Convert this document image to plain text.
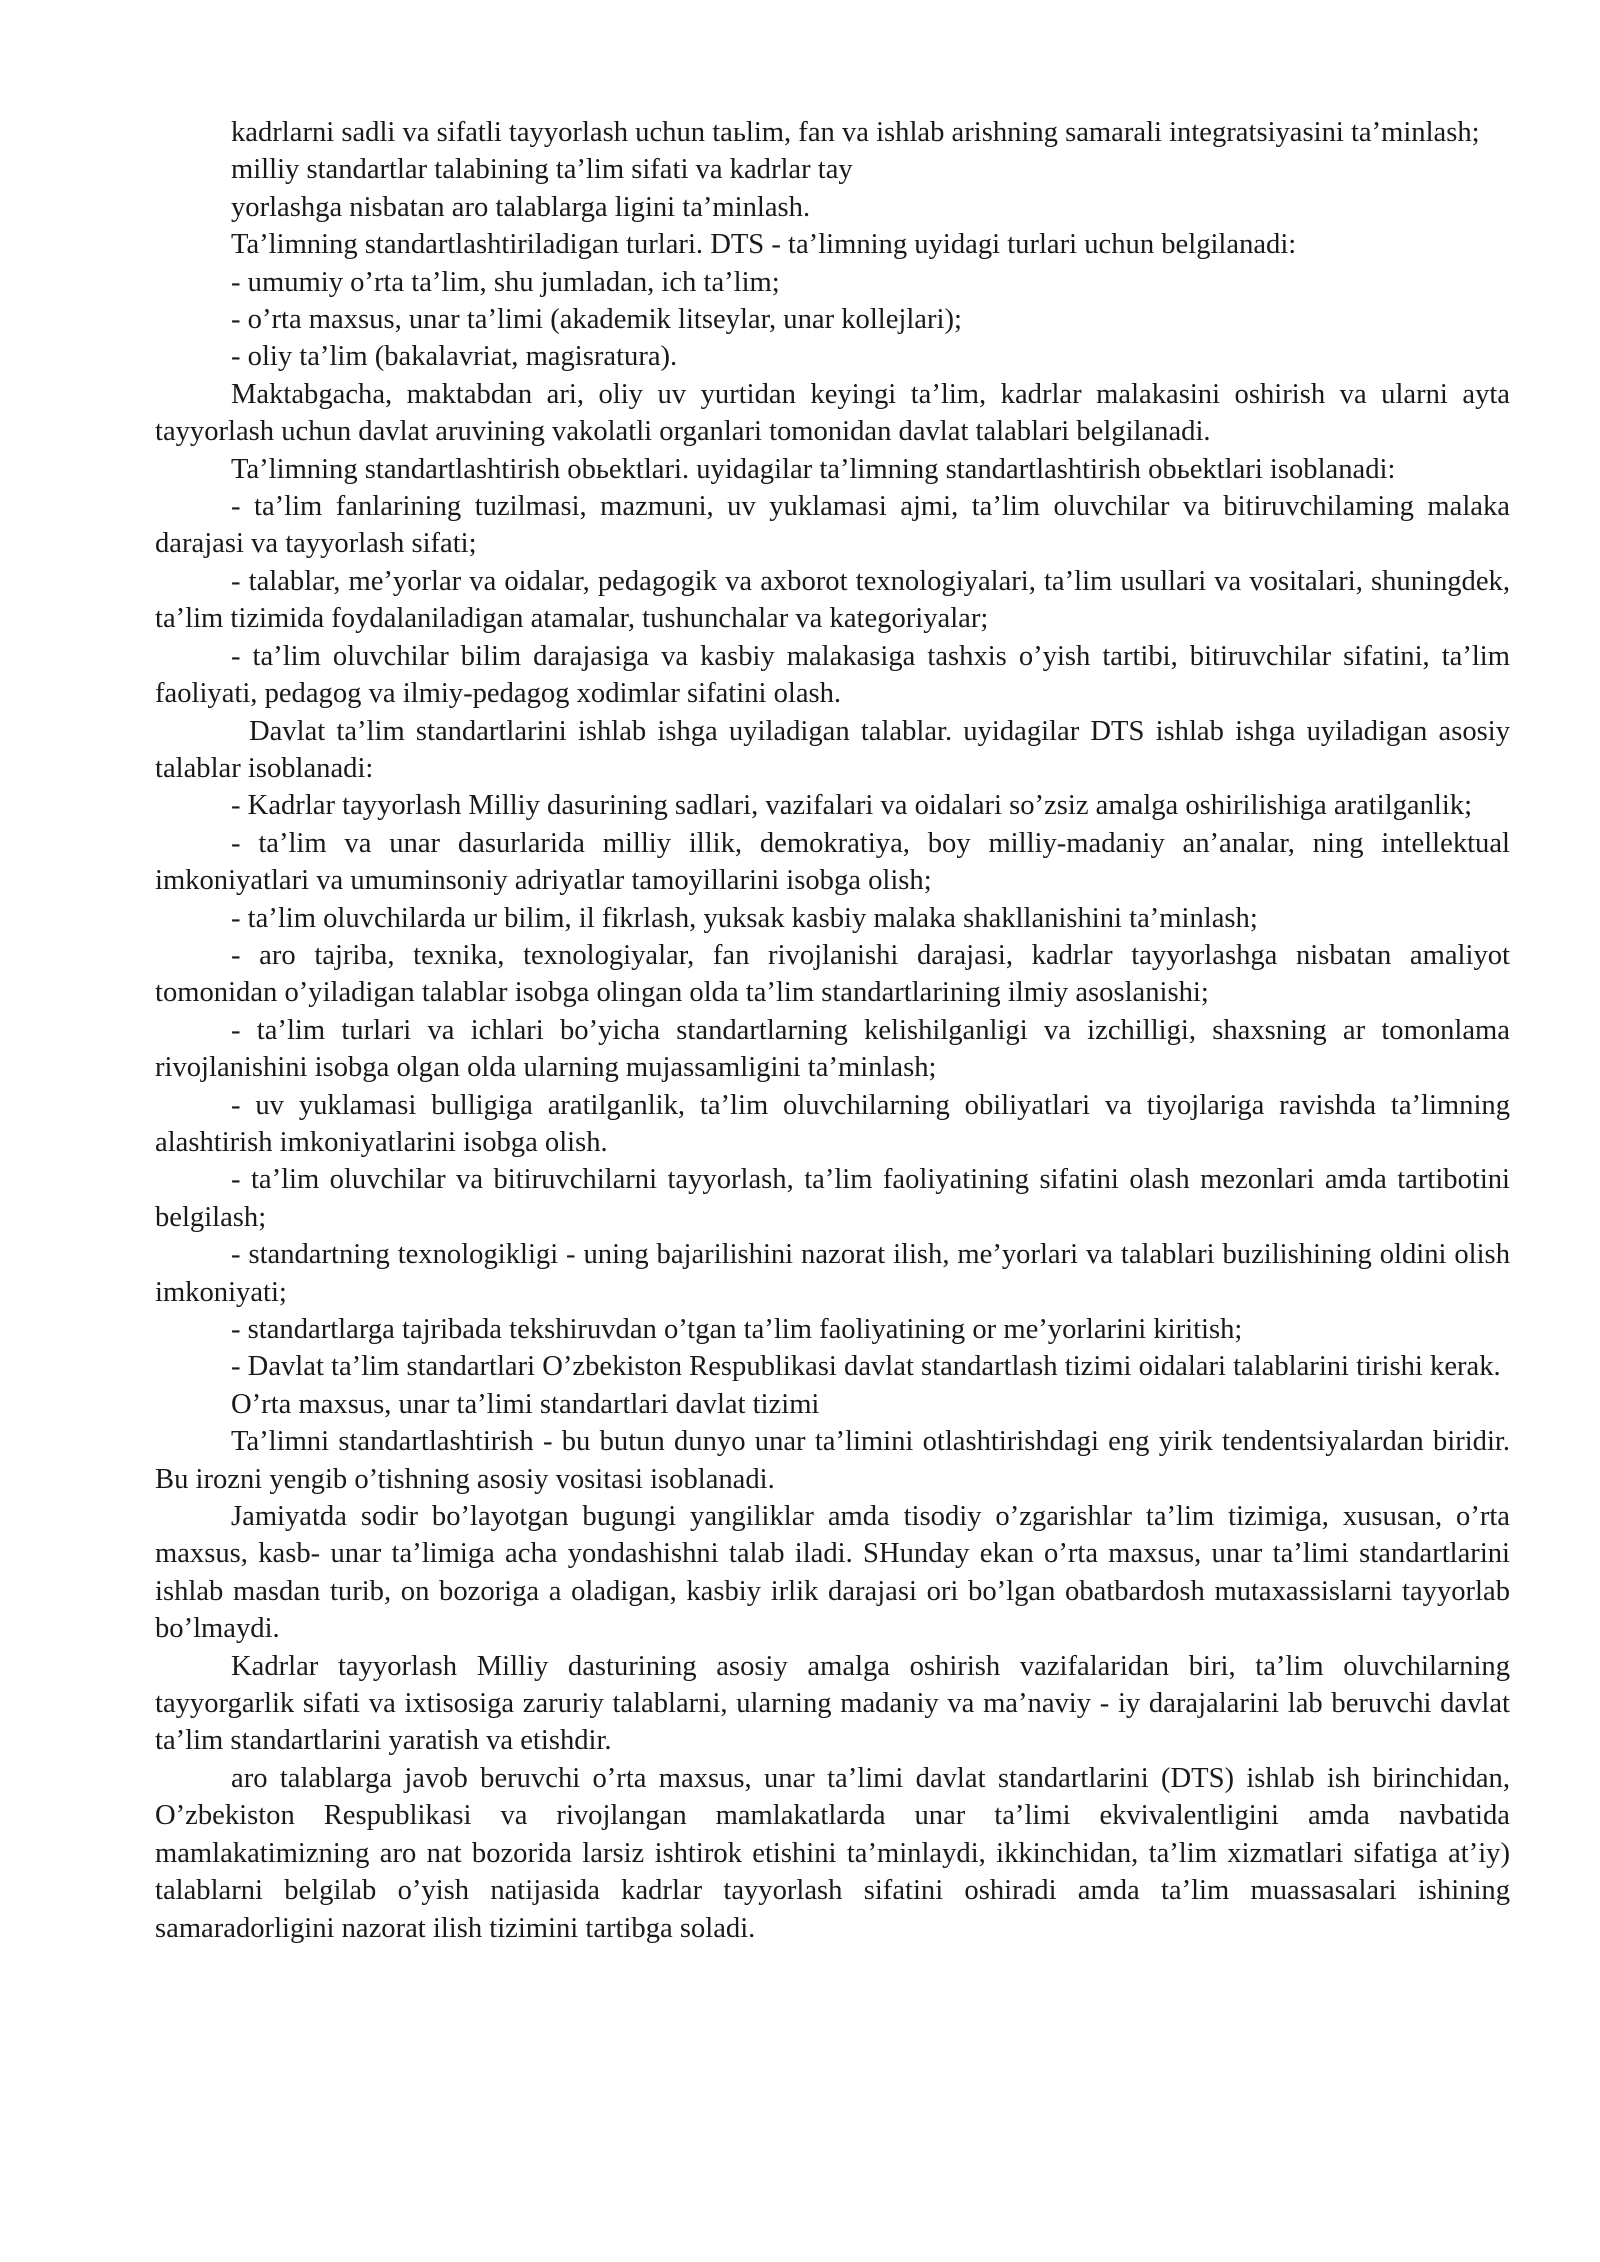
kadrlarni sadli va sifatli tayyorlash uchun taьlim, fan va ishlab arishning samarali integratsiyasini ta’minlash;

milliy standartlar talabining ta’lim sifati va kadrlar tay

yorlashga nisbatan aro talablarga ligini ta’minlash.

Ta’limning standartlashtiriladigan turlari. DTS - ta’limning uyidagi turlari uchun belgilanadi:

- umumiy o’rta ta’lim, shu jumladan, ich ta’lim;

- o’rta maxsus, unar ta’limi (akademik litseylar, unar kollejlari);

- oliy ta’lim (bakalavriat, magisratura).

Maktabgacha, maktabdan ari, oliy uv yurtidan keyingi ta’lim, kadrlar malakasini oshirish va ularni ayta tayyorlash uchun davlat aruvining vakolatli organlari tomonidan davlat talablari belgilanadi.

Ta’limning standartlashtirish obьektlari. uyidagilar ta’limning standartlashtirish obьektlari isoblanadi:

- ta’lim fanlarining tuzilmasi, mazmuni, uv yuklamasi ajmi, ta’lim oluvchilar va bitiruvchilaming malaka darajasi va tayyorlash sifati;

- talablar, me’yorlar va oidalar, pedagogik va axborot texnologiyalari, ta’lim usullari va vositalari, shuningdek, ta’lim tizimida foydalaniladigan atamalar, tushunchalar va kategoriyalar;

- ta’lim oluvchilar bilim darajasiga va kasbiy malakasiga tashxis o’yish tartibi, bitiruvchilar sifatini, ta’lim faoliyati, pedagog va ilmiy-pedagog xodimlar sifatini olash.

Davlat ta’lim standartlarini ishlab ishga uyiladigan talablar. uyidagilar DTS ishlab ishga uyiladigan asosiy talablar isoblanadi:

- Kadrlar tayyorlash Milliy dasurining sadlari, vazifalari va oidalari so’zsiz amalga oshirilishiga aratilganlik;

- ta’lim va unar dasurlarida milliy illik, demokratiya, boy milliy-madaniy an’analar, ning intellektual imkoniyatlari va umuminsoniy adriyatlar tamoyillarini isobga olish;

- ta’lim oluvchilarda ur bilim, il fikrlash, yuksak kasbiy malaka shakllanishini ta’minlash;

- aro tajriba, texnika, texnologiyalar, fan rivojlanishi darajasi, kadrlar tayyorlashga nisbatan amaliyot tomonidan o’yiladigan talablar isobga olingan olda ta’lim standartlarining ilmiy asoslanishi;

- ta’lim turlari va ichlari bo’yicha standartlarning kelishilganligi va izchilligi, shaxsning ar tomonlama rivojlanishini isobga olgan olda ularning mujassamligini ta’minlash;

- uv yuklamasi bulligiga aratilganlik, ta’lim oluvchilarning obiliyatlari va tiyojlariga ravishda ta’limning alashtirish imkoniyatlarini isobga olish.

- ta’lim oluvchilar va bitiruvchilarni tayyorlash, ta’lim faoliyatining sifatini olash mezonlari amda tartibotini belgilash;

- standartning texnologikligi - uning bajarilishini nazorat ilish, me’yorlari va talablari buzilishining oldini olish imkoniyati;

- standartlarga tajribada tekshiruvdan o’tgan ta’lim faoliyatining or me’yorlarini kiritish;

- Davlat ta’lim standartlari O’zbekiston Respublikasi davlat standartlash tizimi oidalari talablarini tirishi kerak.

O’rta maxsus, unar ta’limi standartlari davlat tizimi

Ta’limni standartlashtirish - bu butun dunyo unar ta’limini otlashtirishdagi eng yirik tendentsiyalardan biridir. Bu irozni yengib o’tishning asosiy vositasi isoblanadi.

Jamiyatda sodir bo’layotgan bugungi yangiliklar amda tisodiy o’zgarishlar ta’lim tizimiga, xususan, o’rta maxsus, kasb- unar ta’limiga acha yondashishni talab iladi. SHunday ekan o’rta maxsus, unar ta’limi standartlarini ishlab masdan turib, on bozoriga a oladigan, kasbiy irlik darajasi ori bo’lgan obatbardosh mutaxassislarni tayyorlab bo’lmaydi.

Kadrlar tayyorlash Milliy dasturining asosiy amalga oshirish vazifalaridan biri, ta’lim oluvchilarning tayyorgarlik sifati va ixtisosiga zaruriy talablarni, ularning madaniy va ma’naviy - iy darajalarini lab beruvchi davlat ta’lim standartlarini yaratish va etishdir.

aro talablarga javob beruvchi o’rta maxsus, unar ta’limi davlat standartlarini (DTS) ishlab ish birinchidan, O’zbekiston Respublikasi va rivojlangan mamlakatlarda unar ta’limi ekvivalentligini amda navbatida mamlakatimizning aro nat bozorida larsiz ishtirok etishini ta’minlaydi, ikkinchidan, ta’lim xizmatlari sifatiga at’iy) talablarni belgilab o’yish natijasida kadrlar tayyorlash sifatini oshiradi amda ta’lim muassasalari ishining samaradorligini nazorat ilish tizimini tartibga soladi.
